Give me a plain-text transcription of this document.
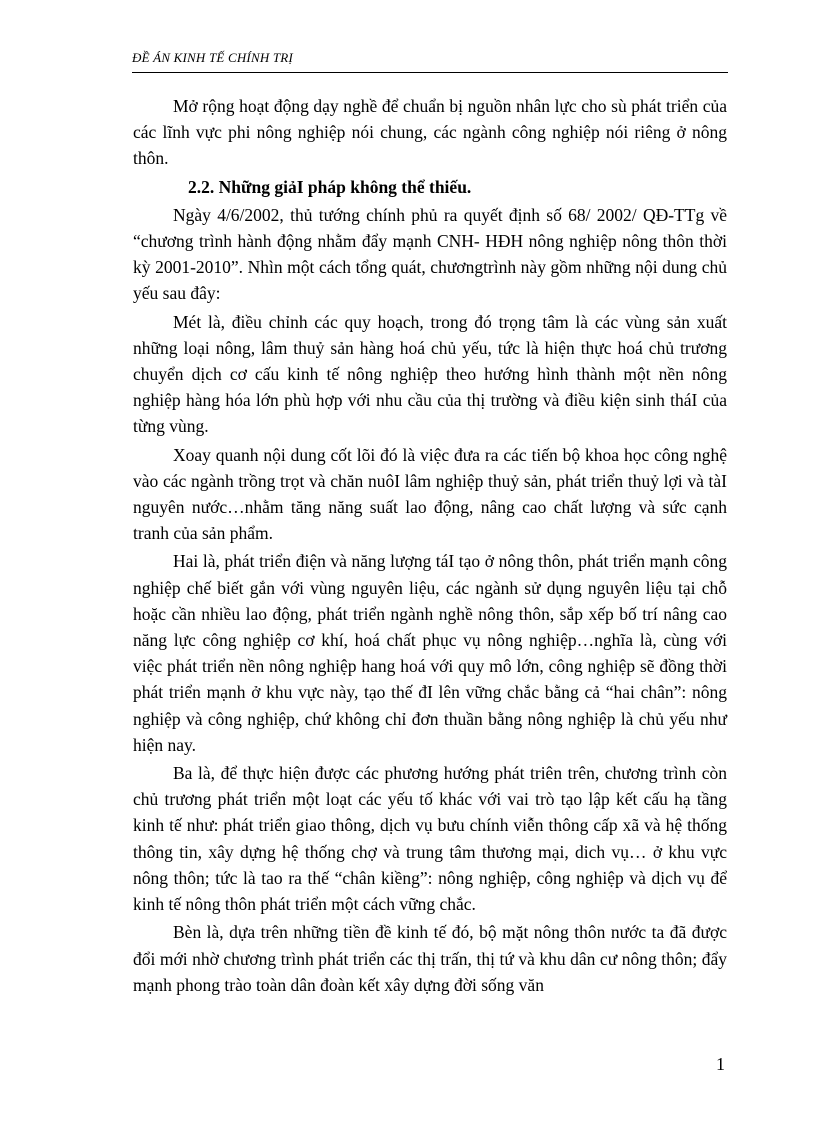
ĐỀ ÁN KINH TẾ CHÍNH TRỊ

Mở rộng hoạt động dạy nghề để chuẩn bị nguồn nhân lực cho sù phát triển của các lĩnh vực phi nông nghiệp nói chung, các ngành công nghiệp nói riêng ở nông thôn.

2.2. Những giảI pháp không thể thiếu.

Ngày 4/6/2002, thủ tướng chính phủ ra quyết định số 68/ 2002/ QĐ-TTg về “chương trình hành động nhằm đẩy mạnh CNH- HĐH nông nghiệp nông thôn thời kỳ 2001-2010”. Nhìn một cách tổng quát, chươngtrình này gồm những nội dung chủ yếu sau đây:

Mét là, điều chỉnh các quy hoạch, trong đó trọng tâm là các vùng sản xuất những loại nông, lâm thuỷ sản hàng hoá chủ yếu, tức là hiện thực hoá chủ trương chuyển dịch cơ cấu kinh tế nông nghiệp theo hướng hình thành một nền nông nghiệp hàng hóa lớn phù hợp với nhu cầu của thị trường và điều kiện sinh tháI của từng vùng.

Xoay quanh nội dung cốt lõi đó là việc đưa ra các tiến bộ khoa học công nghệ vào các ngành trồng trọt và chăn nuôI lâm nghiệp thuỷ sản, phát triển thuỷ lợi và tàI nguyên nước…nhằm tăng năng suất lao động, nâng cao chất lượng và sức cạnh tranh của sản phẩm.

Hai là, phát triển điện và năng lượng táI tạo ở nông thôn, phát triển mạnh công nghiệp chế biết gắn với vùng nguyên liệu, các ngành sử dụng nguyên liệu tại chỗ hoặc cần nhiều lao động, phát triển ngành nghề nông thôn, sắp xếp bố trí nâng cao năng lực công nghiệp cơ khí, hoá chất phục vụ nông nghiệp…nghĩa là, cùng với việc phát triển nền nông nghiệp hang hoá với quy mô lớn, công nghiệp sẽ đồng thời phát triển mạnh ở khu vực này, tạo thế đI lên vững chắc bằng cả “hai chân”: nông nghiệp và công nghiệp, chứ không chỉ đơn thuần bằng nông nghiệp là chủ yếu như hiện nay.

Ba là, để thực hiện được các phương hướng phát triên trên, chương trình còn chủ trương phát triển một loạt các yếu tố khác với vai trò tạo lập kết cấu hạ tầng kinh tế như: phát triển giao thông, dịch vụ bưu chính viễn thông cấp xã và hệ thống thông tin, xây dựng hệ thống chợ và trung tâm thương mại, dich vụ… ở khu vực nông thôn; tức là tao ra thế “chân kiềng”: nông nghiệp, công nghiệp và dịch vụ để kinh tế nông thôn phát triển một cách vững chắc.

Bèn là, dựa trên những tiền đề kinh tế đó, bộ mặt nông thôn nước ta đã được đổi mới nhờ chương trình phát triển các thị trấn, thị tứ và khu dân cư nông thôn; đẩy mạnh phong trào toàn dân đoàn kết xây dựng đời sống văn

1
